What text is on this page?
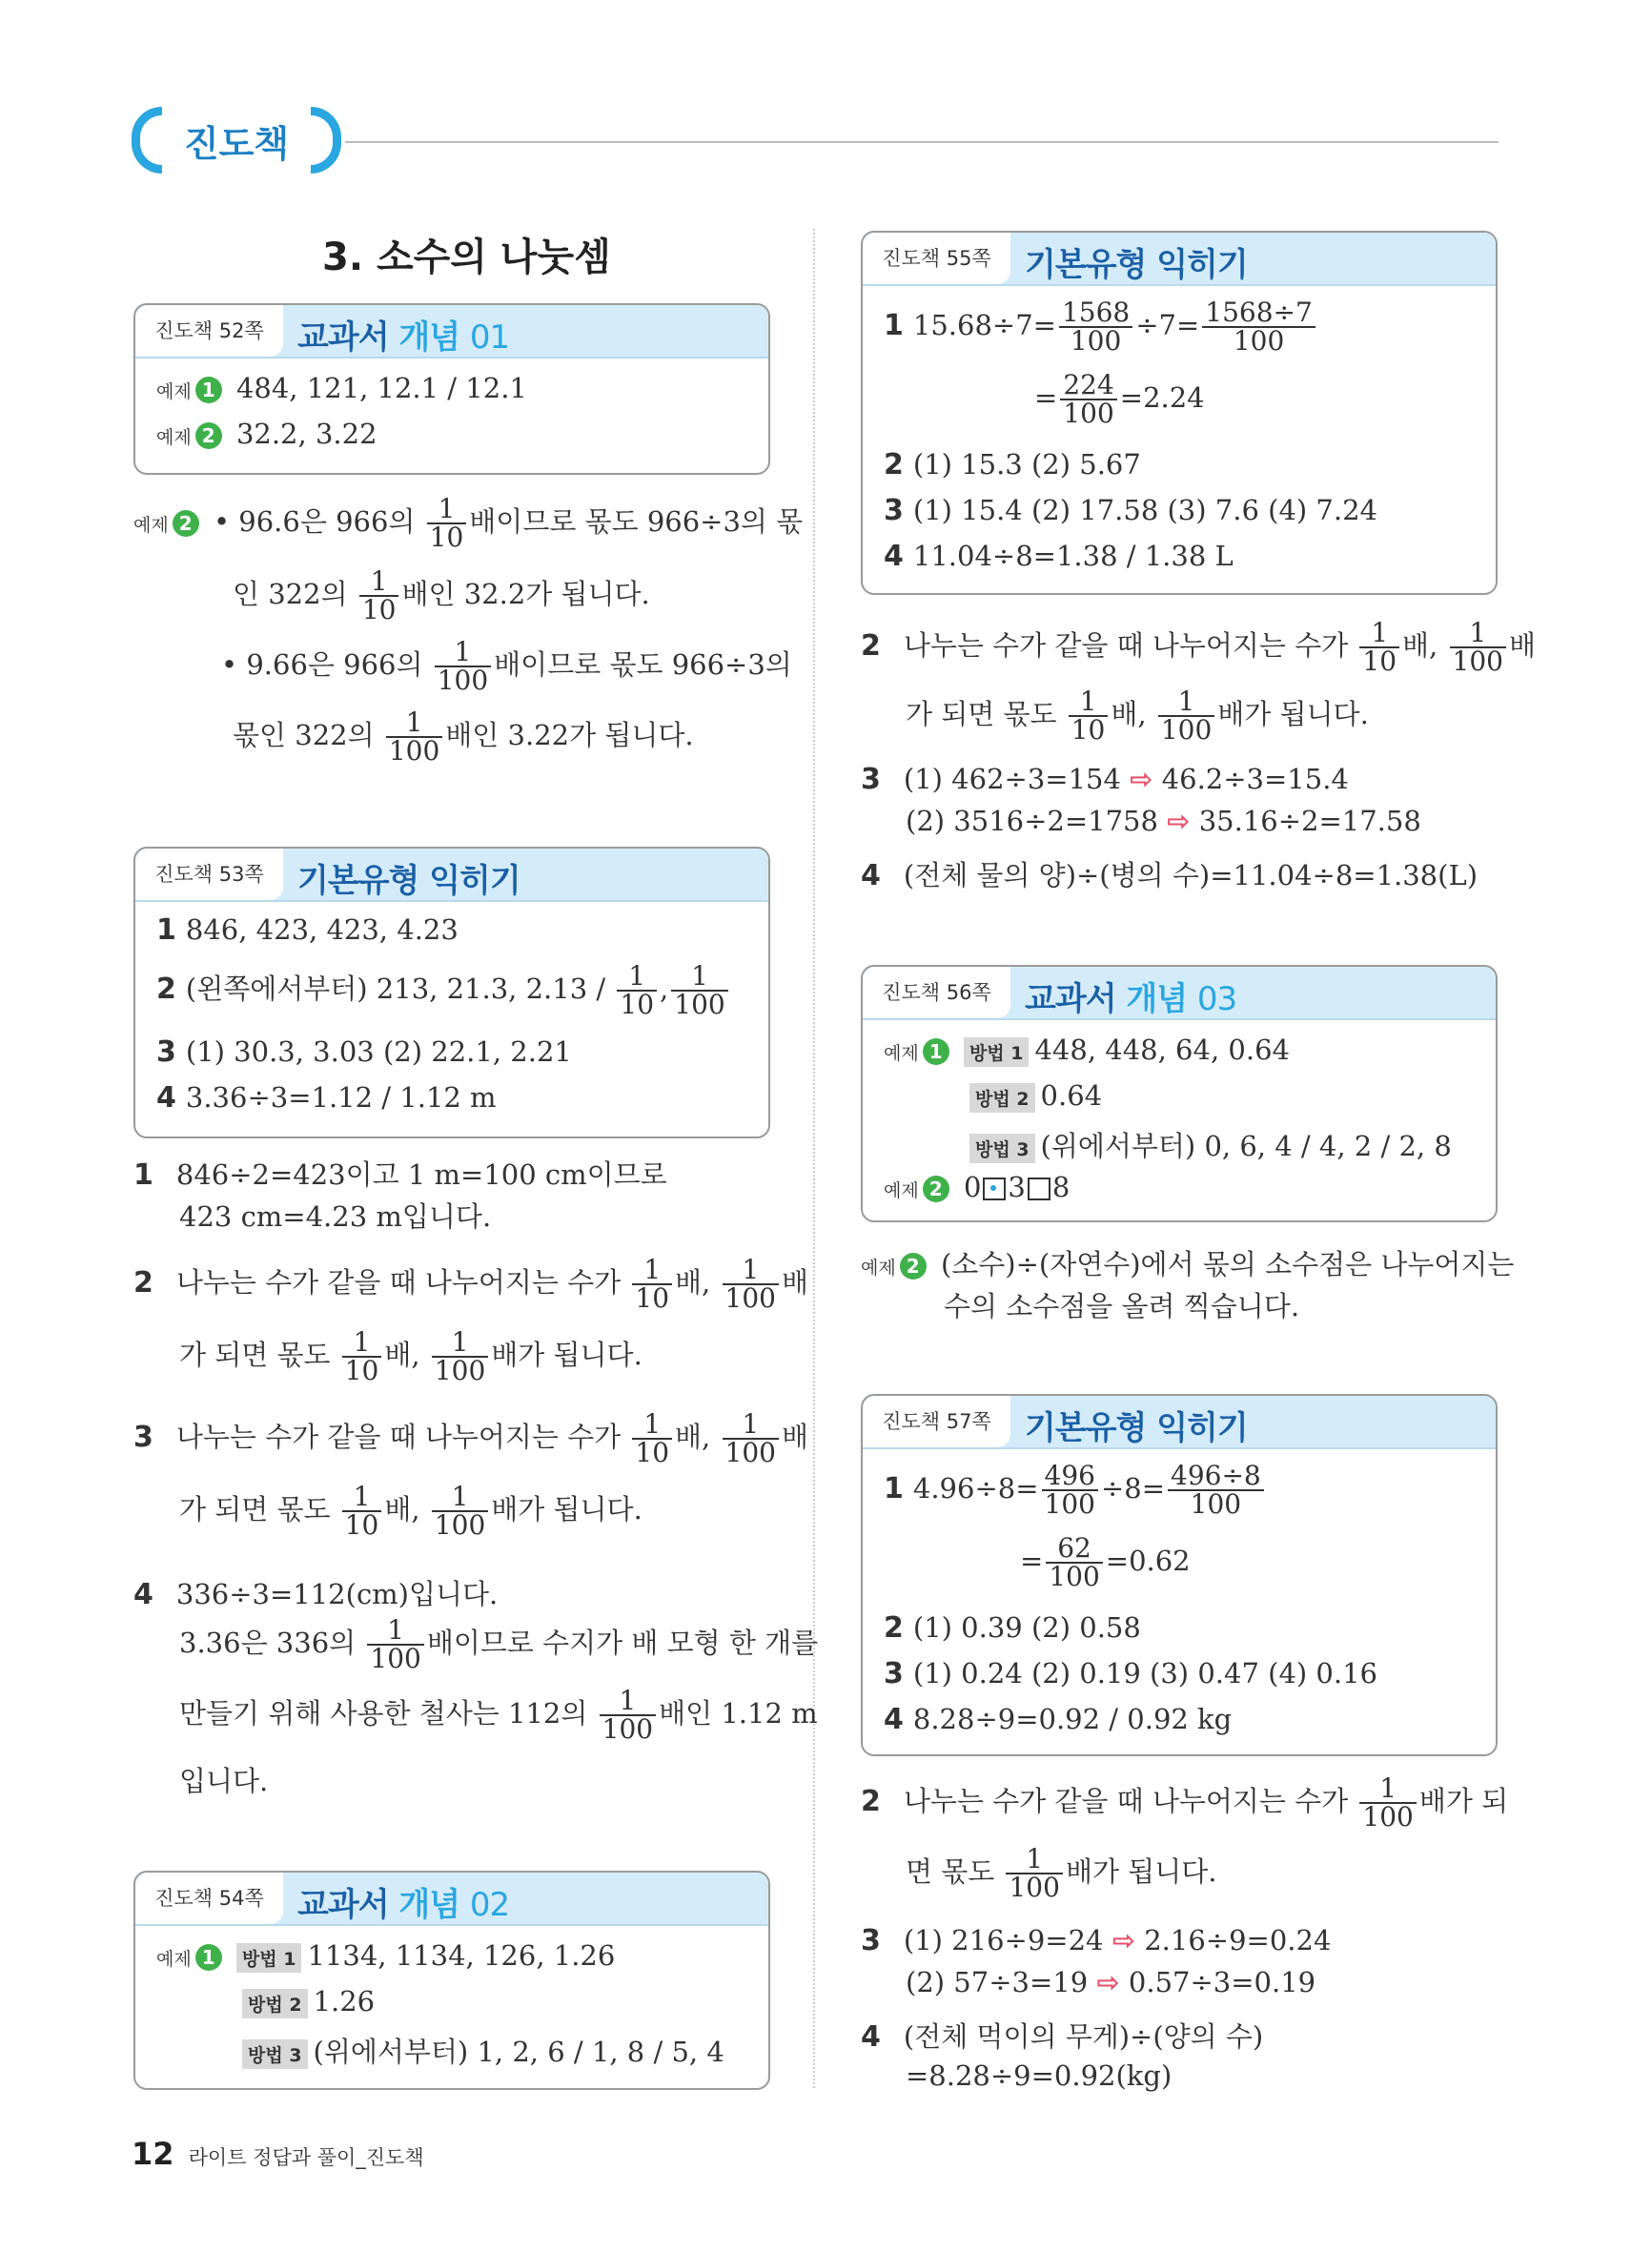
진도책
3. 소수의 나눗셈
진도책 52쪽	교과서 개념 01
예제 1 484, 121, 12.1 / 12.1
예제 2 32.2, 3.22
예제 2 • 96.6은 966의 $\frac{1}{10}$ 배이므로 몫도 966÷3의 몫
인 322의 $\frac{1}{10}$ 배인 32.2가 됩니다.
• 9.66은 966의 $\frac{1}{100}$ 배이므로 몫도 966÷3의
몫인 322의 $\frac{1}{100}$ 배인 3.22가 됩니다.
진도책 53쪽	기본유형 익히기
1 846, 423, 423, 4.23
2 (왼쪽에서부터) 213, 21.3, $2.13 / \frac{1}{10}$ , $\frac{1}{100}$
3 (1) 30.3, 3.03 (2) 22.1, 2.21
4 3.36÷3=1.12 / 1.12 m
1 846÷2=423이고 1 m=100 cm이므로
423 cm=4.23 m입니다.
2 나누는 수가 같을 때 나누어지는 수가 $\frac{1}{10}$ 배, $\frac{1}{100}$ 배
가 되면 몫도 $\frac{1}{10}$ 배, $\frac{1}{100}$ 배가 됩니다.
3 나누는 수가 같을 때 나누어지는 수가 $\frac{1}{10}$ 배, $\frac{1}{100}$ 배
가 되면 몫도 $\frac{1}{10}$ 배, $\frac{1}{100}$ 배가 됩니다.
4 336÷3=112(cm)입니다.
3.36은 336의 $\frac{1}{100}$ 배이므로 수지가 배 모형 한 개를
만들기 위해 사용한 철사는 112의 $\frac{1}{100}$ 배인 1.12 m
입니다.
진도책 54쪽	교과서 개념 02
예제 1 방법 1 1134, 1134, 126, 1.26
방법 2 1.26
방법 3 (위에서부터) 1, 2, 6 / 1, 8 / 5, 4
진도책 55쪽	기본유형 익히기
1 $15.68\div 7= \frac{1568}{100} \div 7= \frac{1568\div 7}{100}$
= $\frac{224}{100} =2.24$
2 (1) 15.3 (2) 5.67
3 (1) 15.4 (2) 17.58 (3) 7.6 (4) 7.24
4 11.04÷8=1.38 / 1.38 L
2 나누는 수가 같을 때 나누어지는 수가 $\frac{1}{10}$ 배, $\frac{1}{100}$ 배
가 되면 몫도 $\frac{1}{10}$ 배, $\frac{1}{100}$ 배가 됩니다.
3 (1) 462÷3=154 ⇨ 46.2÷3=15.4
(2) 3516÷2=1758 ⇨ 35.16÷2=17.58
4 (전체 물의 양)÷(병의 수)=11.04÷8=1.38(L)
진도책 56쪽	교과서 개념 03
예제 1 방법 1 448, 448, 64, 0.64
방법 2 0.64
방법 3 (위에서부터) 0, 6, 4 / 4, 2 / 2, 8
예제 2 0 3 8
예제 2 (소수)÷(자연수)에서 몫의 소수점은 나누어지는
수의 소수점을 올려 찍습니다.
진도책 57쪽	기본유형 익히기
1 $4.96\div 8= \frac{496}{100} \div 8= \frac{496\div 8}{100}$
= $\frac{62}{100} =0.62$
2 (1) 0.39 (2) 0.58
3 (1) 0.24 (2) 0.19 (3) 0.47 (4) 0.16
4 8.28÷9=0.92 / 0.92 kg
2 나누는 수가 같을 때 나누어지는 수가 $\frac{1}{100}$ 배가 되
면 몫도 $\frac{1}{100}$ 배가 됩니다.
3 (1) 216÷9=24 ⇨ 2.16÷9=0.24
(2) 57÷3=19 ⇨ 0.57÷3=0.19
4 (전체 먹이의 무게)÷(양의 수)
=8.28÷9=0.92(kg)
12 라이트 정답과 풀이_진도책
